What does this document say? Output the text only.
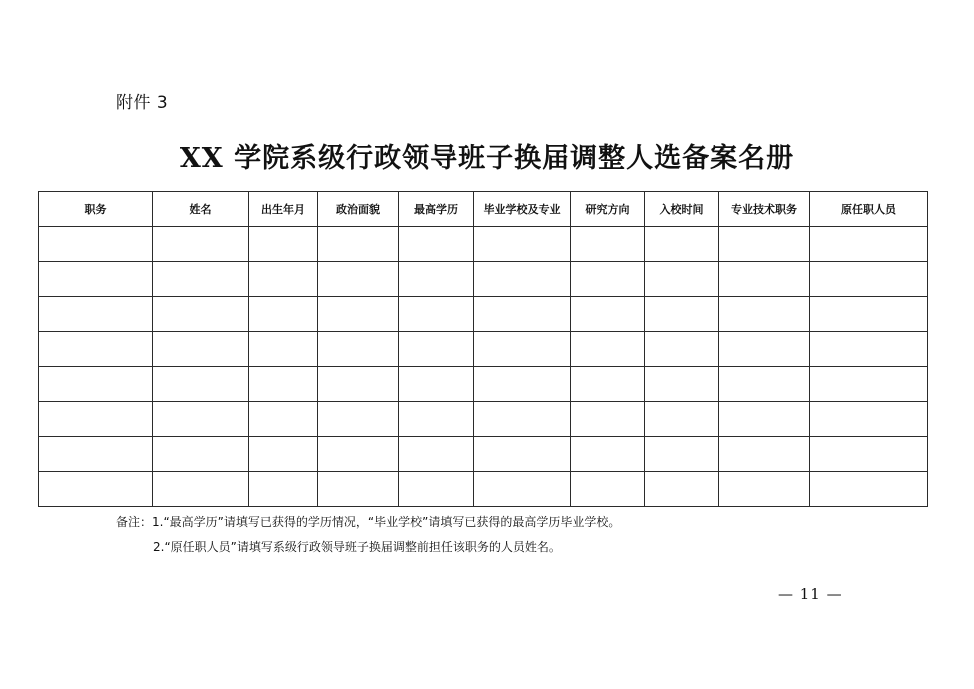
附件 3
XX 学院系级行政领导班子换届调整人选备案名册
职务	姓名	出生年月	政治面貌	最高学历	毕业学校及专业	研究方向	入校时间	专业技术职务	原任职人员

备注：1.“最高学历”请填写已获得的学历情况，“毕业学校”请填写已获得的最高学历毕业学校。
2.“原任职人员”请填写系级行政领导班子换届调整前担任该职务的人员姓名。
— 11 —
